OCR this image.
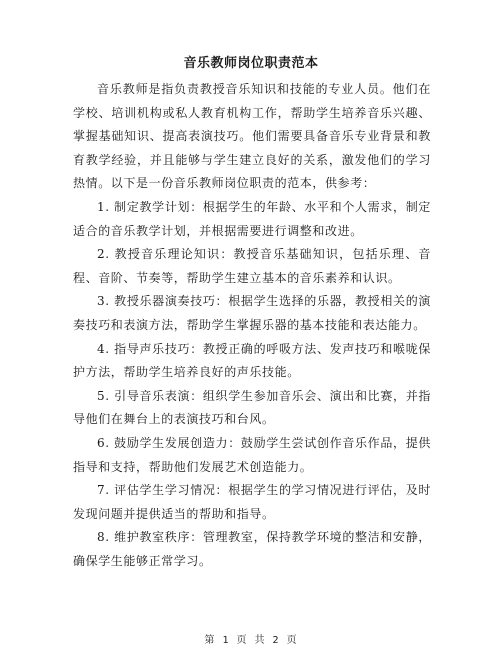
音乐教师岗位职责范本

音乐教师是指负责教授音乐知识和技能的专业人员。他们在学校、培训机构或私人教育机构工作，帮助学生培养音乐兴趣、掌握基础知识、提高表演技巧。他们需要具备音乐专业背景和教育教学经验，并且能够与学生建立良好的关系，激发他们的学习热情。以下是一份音乐教师岗位职责的范本，供参考：

1. 制定教学计划：根据学生的年龄、水平和个人需求，制定适合的音乐教学计划，并根据需要进行调整和改进。

2. 教授音乐理论知识：教授音乐基础知识，包括乐理、音程、音阶、节奏等，帮助学生建立基本的音乐素养和认识。

3. 教授乐器演奏技巧：根据学生选择的乐器，教授相关的演奏技巧和表演方法，帮助学生掌握乐器的基本技能和表达能力。

4. 指导声乐技巧：教授正确的呼吸方法、发声技巧和喉咙保护方法，帮助学生培养良好的声乐技能。

5. 引导音乐表演：组织学生参加音乐会、演出和比赛，并指导他们在舞台上的表演技巧和台风。

6. 鼓励学生发展创造力：鼓励学生尝试创作音乐作品，提供指导和支持，帮助他们发展艺术创造能力。

7. 评估学生学习情况：根据学生的学习情况进行评估，及时发现问题并提供适当的帮助和指导。

8. 维护教室秩序：管理教室，保持教学环境的整洁和安静，确保学生能够正常学习。

第 1 页 共 2 页
